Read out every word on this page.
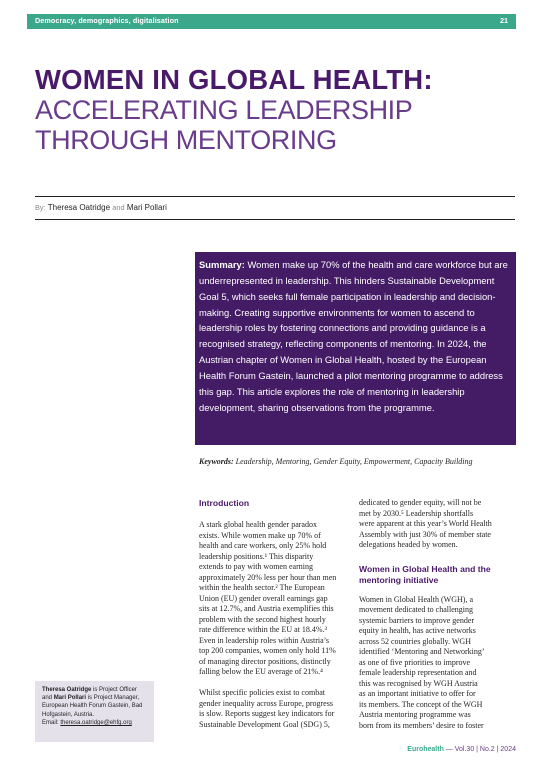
Democracy, demographics, digitalisation	21
WOMEN IN GLOBAL HEALTH:
ACCELERATING LEADERSHIP
THROUGH MENTORING
By: Theresa Oatridge and Mari Pollari
Summary: Women make up 70% of the health and care workforce but are underrepresented in leadership. This hinders Sustainable Development Goal 5, which seeks full female participation in leadership and decision-making. Creating supportive environments for women to ascend to leadership roles by fostering connections and providing guidance is a recognised strategy, reflecting components of mentoring. In 2024, the Austrian chapter of Women in Global Health, hosted by the European Health Forum Gastein, launched a pilot mentoring programme to address this gap. This article explores the role of mentoring in leadership development, sharing observations from the programme.
Keywords: Leadership, Mentoring, Gender Equity, Empowerment, Capacity Building
Introduction
A stark global health gender paradox
exists. While women make up 70% of
health and care workers, only 25% hold
leadership positions.¹ This disparity
extends to pay with women earning
approximately 20% less per hour than men
within the health sector.² The European
Union (EU) gender overall earnings gap
sits at 12.7%, and Austria exemplifies this
problem with the second highest hourly
rate difference within the EU at 18.4%.³
Even in leadership roles within Austria’s
top 200 companies, women only hold 11%
of managing director positions, distinctly
falling below the EU average of 21%.⁴
Whilst specific policies exist to combat
gender inequality across Europe, progress
is slow. Reports suggest key indicators for
Sustainable Development Goal (SDG) 5,
dedicated to gender equity, will not be
met by 2030.⁵ Leadership shortfalls
were apparent at this year’s World Health
Assembly with just 30% of member state
delegations headed by women.
Women in Global Health and the mentoring initiative
Women in Global Health (WGH), a
movement dedicated to challenging
systemic barriers to improve gender
equity in health, has active networks
across 52 countries globally. WGH
identified ‘Mentoring and Networking’
as one of five priorities to improve
female leadership representation and
this was recognised by WGH Austria
as an important initiative to offer for
its members. The concept of the WGH
Austria mentoring programme was
born from its members’ desire to foster
Theresa Oatridge is Project Officer and Mari Pollari is Project Manager, European Health Forum Gastein, Bad Hofgastein, Austria.
Email: theresa.oatridge@ehfg.org
Eurohealth — Vol.30 | No.2 | 2024
